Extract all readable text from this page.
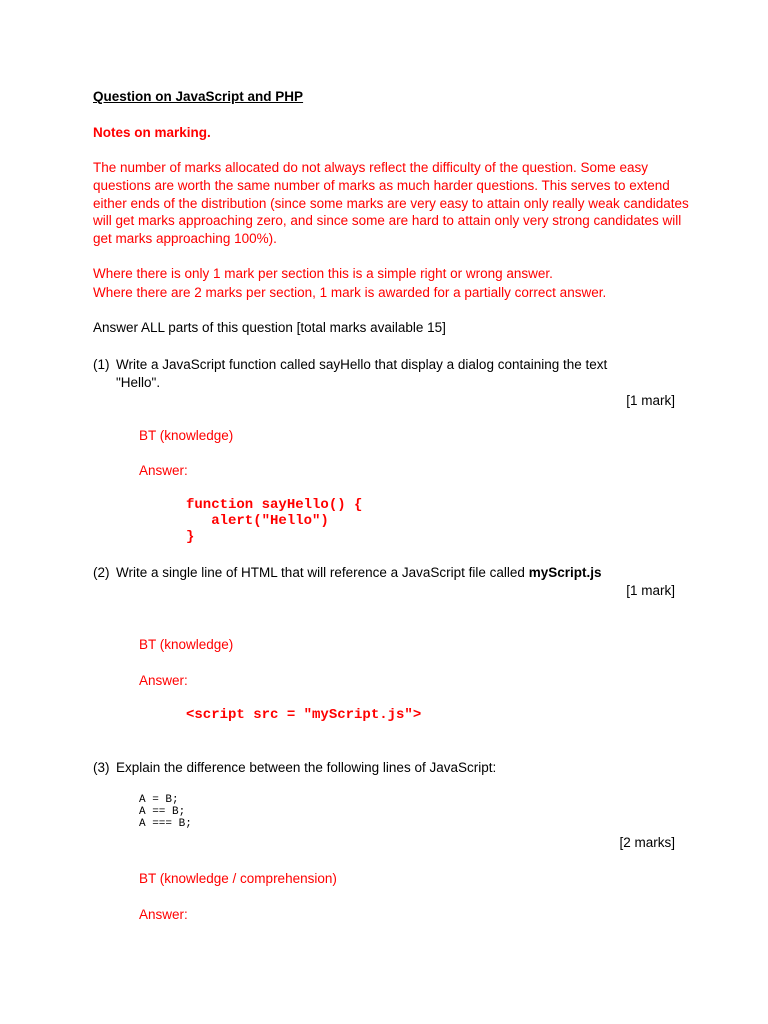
Question on JavaScript and PHP
Notes on marking.
The number of marks allocated do not always reflect the difficulty of the question. Some easy questions are worth the same number of marks as much harder questions. This serves to extend either ends of the distribution (since some marks are very easy to attain only really weak candidates will get marks approaching zero, and since some are hard to attain only very strong candidates will get marks approaching 100%).
Where there is only 1 mark per section this is a simple right or wrong answer.
Where there are 2 marks per section, 1 mark is awarded for a partially correct answer.
Answer ALL parts of this question [total marks available 15]
(1) Write a JavaScript function called sayHello that display a dialog containing the text
"Hello".
[1 mark]
BT (knowledge)
Answer:
function sayHello() {
alert("Hello")
}
(2) Write a single line of HTML that will reference a JavaScript file called myScript.js
[1 mark]
BT (knowledge)
Answer:
<script src = "myScript.js">
(3) Explain the difference between the following lines of JavaScript:
A = B;
A == B;
A === B;
[2 marks]
BT (knowledge / comprehension)
Answer:
